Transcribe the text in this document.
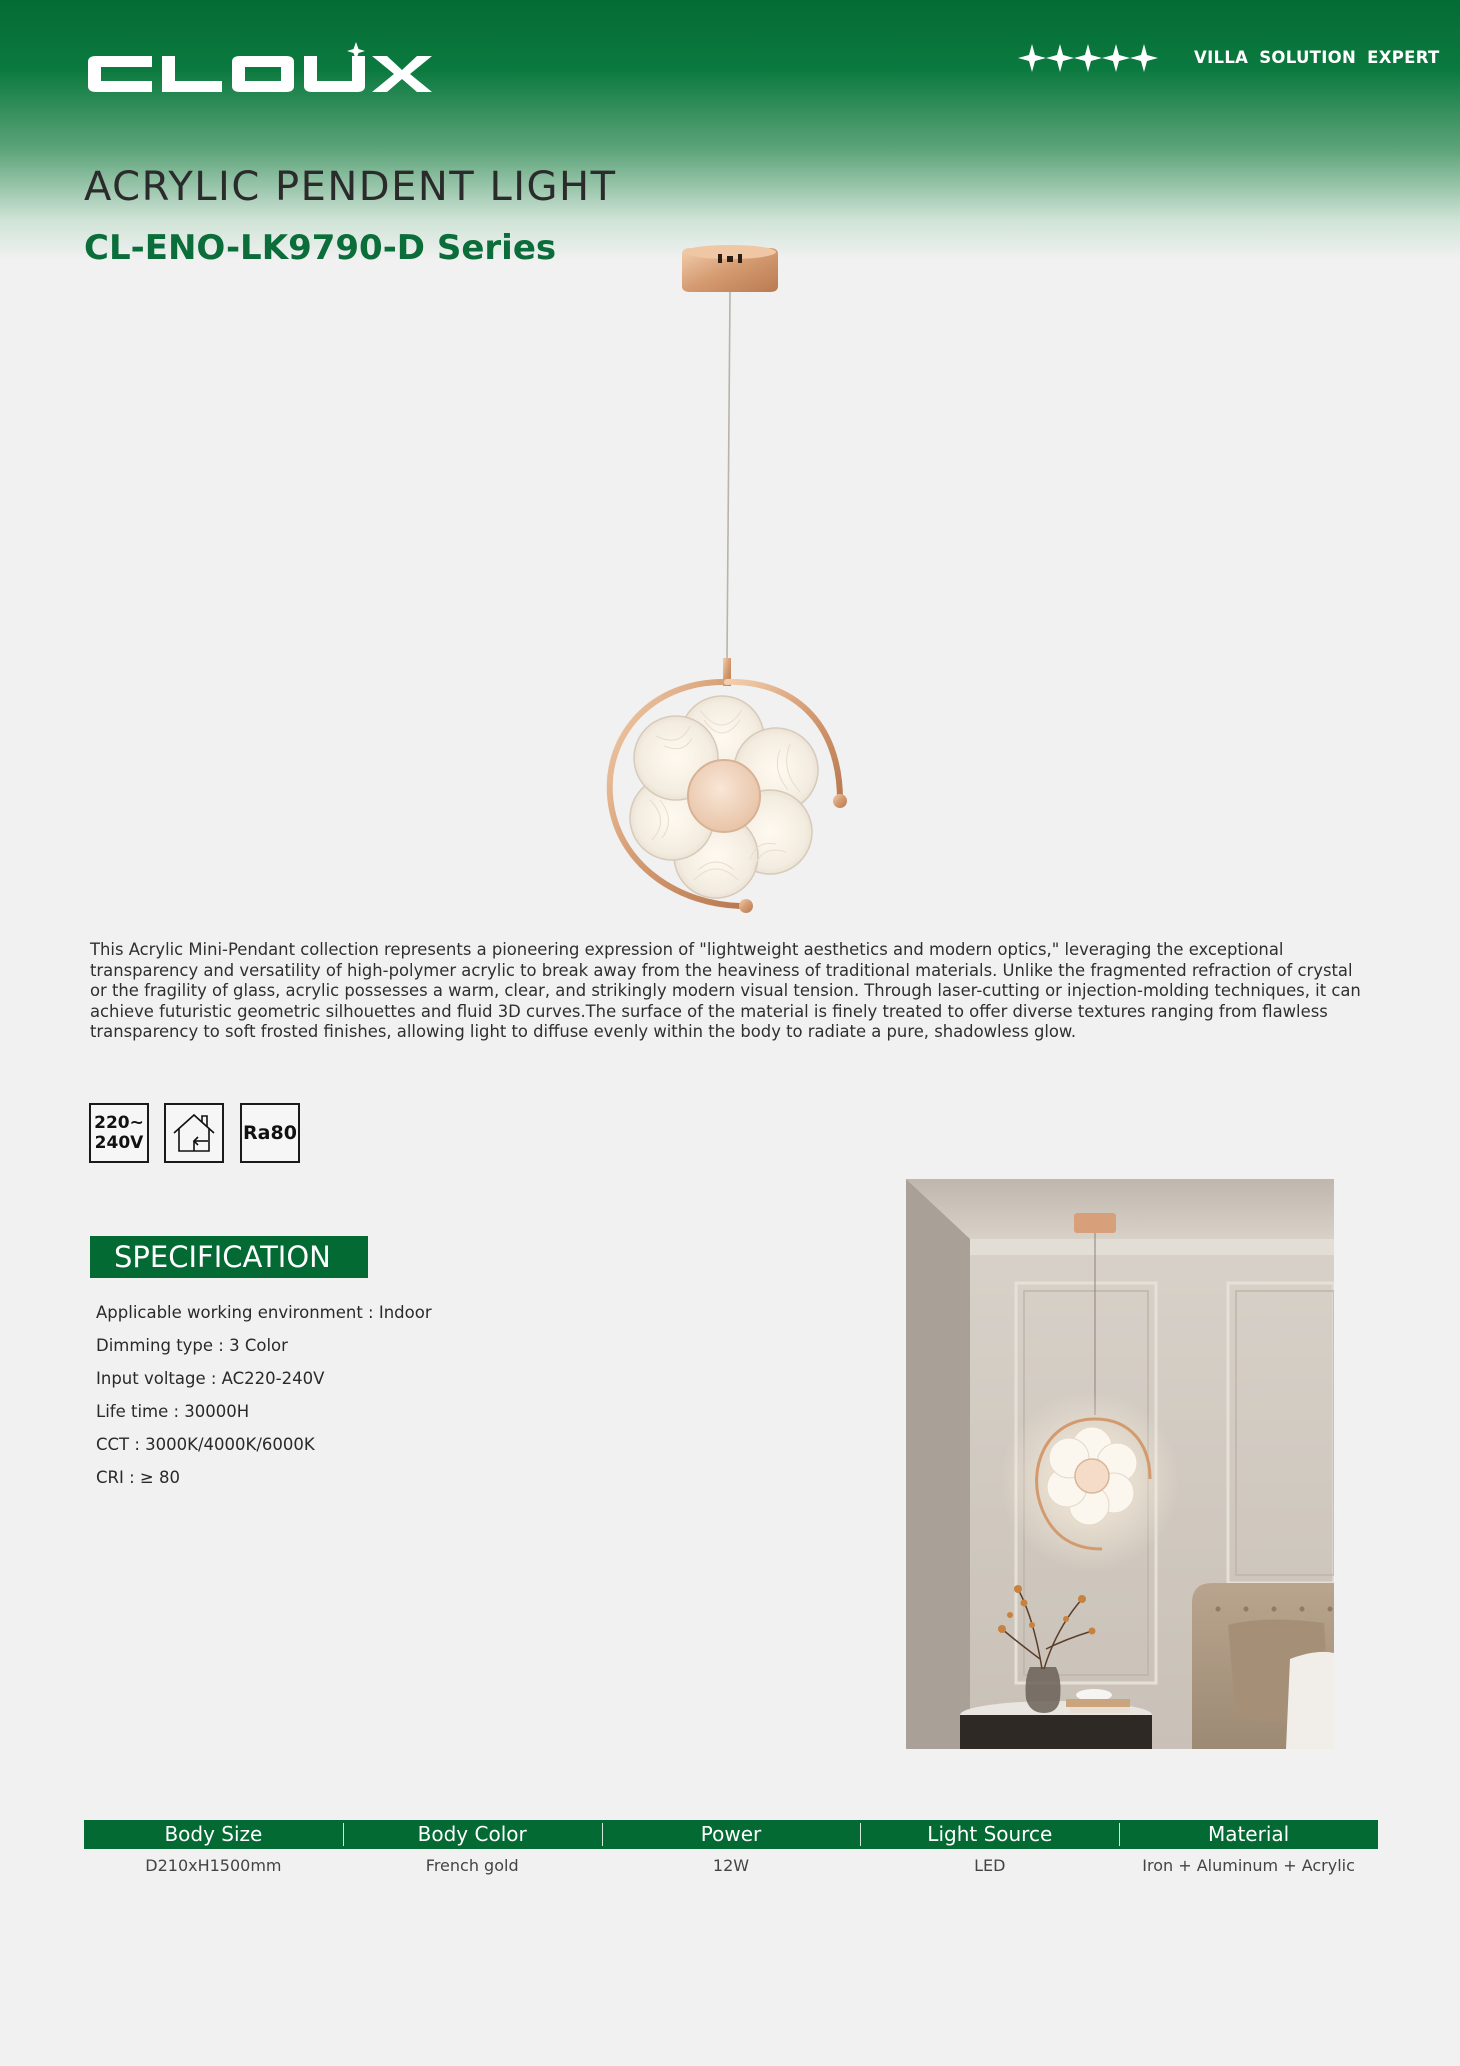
VILLA SOLUTION EXPERT
ACRYLIC PENDENT LIGHT
CL-ENO-LK9790-D Series

This Acrylic Mini-Pendant collection represents a pioneering expression of "lightweight aesthetics and modern optics," leveraging the exceptional transparency and versatility of high-polymer acrylic to break away from the heaviness of traditional materials. Unlike the fragmented refraction of crystal or the fragility of glass, acrylic possesses a warm, clear, and strikingly modern visual tension. Through laser-cutting or injection-molding techniques, it can achieve futuristic geometric silhouettes and fluid 3D curves.The surface of the material is finely treated to offer diverse textures ranging from flawless transparency to soft frosted finishes, allowing light to diffuse evenly within the body to radiate a pure, shadowless glow.

220~
240V	Ra80
SPECIFICATION
Applicable working environment : Indoor
Dimming type : 3 Color
Input voltage : AC220-240V
Life time : 30000H
CCT : 3000K/4000K/6000K
CRI : ≥ 80
Body Size	Body Color	Power	Light Source	Material
D210xH1500mm	French gold	12W	LED	Iron + Aluminum + Acrylic
